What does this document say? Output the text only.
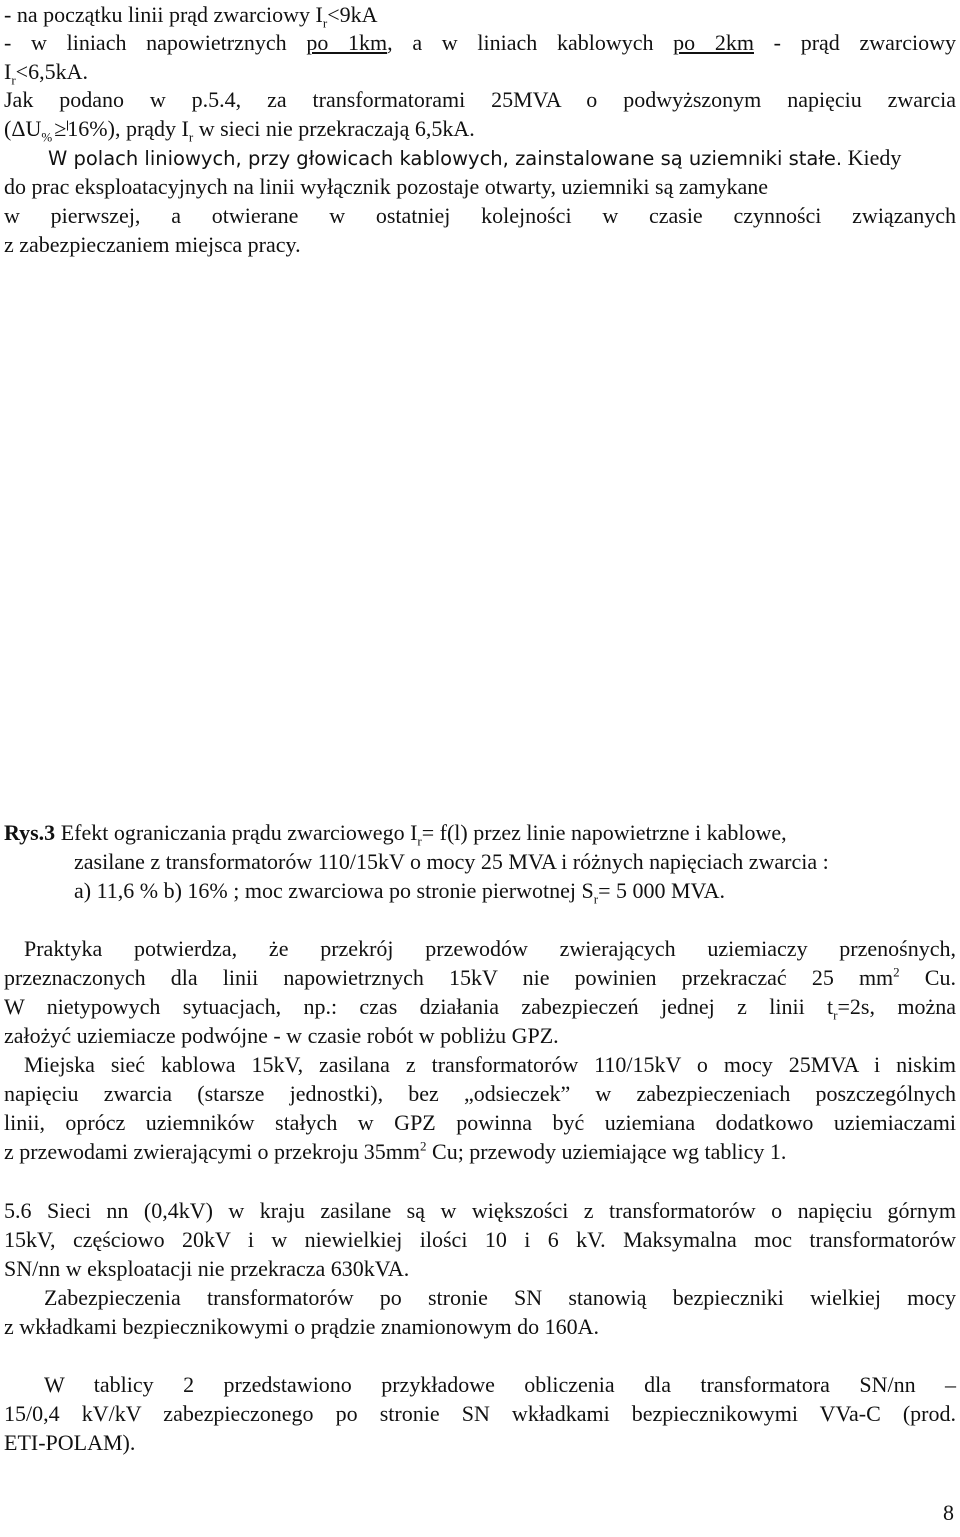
- na początku linii prąd zwarciowy $I_r<9kA$
- w liniach napowietrznych po 1km, a w liniach kablowych po 2km - prąd zwarciowy
$I_r<6,5kA$.
Jak podano w p.5.4, za transformatorami 25MVA o podwyższonym napięciu zwarcia
$(\Delta U_{\%}\ge 16\%)$, prądy $I_r$ w sieci nie przekraczają 6,5kA.
W polach liniowych, przy głowicach kablowych, zainstalowane są uziemniki stałe. Kiedy
do prac eksploatacyjnych na linii wyłącznik pozostaje otwarty, uziemniki są zamykane
w pierwszej, a otwierane w ostatniej kolejności w czasie czynności związanych
z zabezpieczaniem miejsca pracy.
Rys.3 Efekt ograniczania prądu zwarciowego $I_r= f(l)$ przez linie napowietrzne i kablowe,
zasilane z transformatorów 110/15kV o mocy 25 MVA i różnych napięciach zwarcia :
a) 11,6 % b) 16% ; moc zwarciowa po stronie pierwotnej $S_r= 5$ 000 MVA.
Praktyka potwierdza, że przekrój przewodów zwierających uziemiaczy przenośnych,
przeznaczonych dla linii napowietrznych 15kV nie powinien przekraczać 25 $mm^2$ Cu.
W nietypowych sytuacjach, np.: czas działania zabezpieczeń jednej z linii $t_r=2s$, można
założyć uziemiacze podwójne - w czasie robót w pobliżu GPZ.
Miejska sieć kablowa 15kV, zasilana z transformatorów 110/15kV o mocy 25MVA i niskim
napięciu zwarcia (starsze jednostki), bez „odsieczek” w zabezpieczeniach poszczególnych
linii, oprócz uziemników stałych w GPZ powinna być uziemiana dodatkowo uziemiaczami
z przewodami zwierającymi o przekroju $35mm^2$ Cu; przewody uziemiające wg tablicy 1.
5.6 Sieci nn (0,4kV) w kraju zasilane są w większości z transformatorów o napięciu górnym
15kV, częściowo 20kV i w niewielkiej ilości 10 i 6 kV. Maksymalna moc transformatorów
SN/nn w eksploatacji nie przekracza 630kVA.
Zabezpieczenia transformatorów po stronie SN stanowią bezpieczniki wielkiej mocy
z wkładkami bezpiecznikowymi o prądzie znamionowym do 160A.
W tablicy 2 przedstawiono przykładowe obliczenia dla transformatora SN/nn –
15/0,4 kV/kV zabezpieczonego po stronie SN wkładkami bezpiecznikowymi VVa-C (prod.
ETI-POLAM).
8
